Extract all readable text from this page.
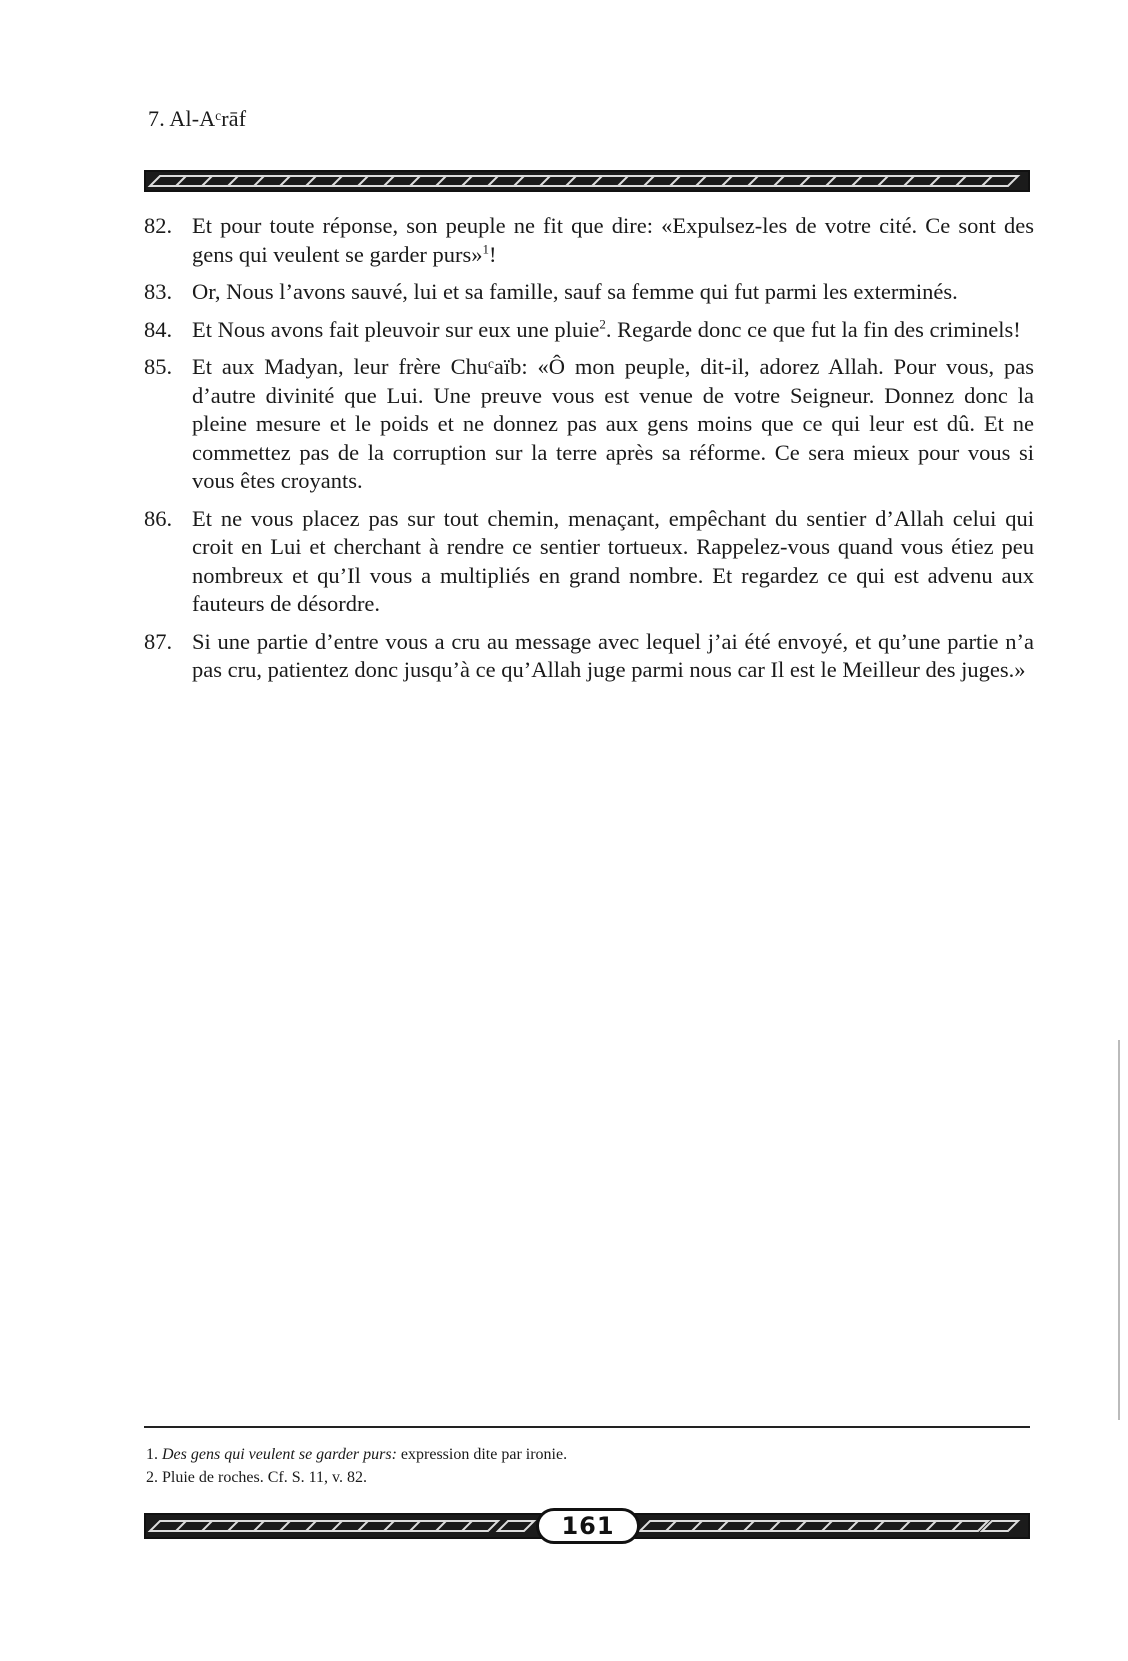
7. Al-Aᶜrāf
82. Et pour toute réponse, son peuple ne fit que dire: «Expulsez-les de votre cité. Ce sont des gens qui veulent se garder purs»$^1$!
83. Or, Nous l’avons sauvé, lui et sa famille, sauf sa femme qui fut parmi les exterminés.
84. Et Nous avons fait pleuvoir sur eux une pluie$^2$. Regarde donc ce que fut la fin des criminels!
85. Et aux Madyan, leur frère Chuᶜaïb: «Ô mon peuple, dit-il, adorez Allah. Pour vous, pas d’autre divinité que Lui. Une preuve vous est venue de votre Seigneur. Donnez donc la pleine mesure et le poids et ne donnez pas aux gens moins que ce qui leur est dû. Et ne commettez pas de la corruption sur la terre après sa réforme. Ce sera mieux pour vous si vous êtes croyants.
86. Et ne vous placez pas sur tout chemin, menaçant, empêchant du sentier d’Allah celui qui croit en Lui et cherchant à rendre ce sentier tortueux. Rappelez-vous quand vous étiez peu nombreux et qu’Il vous a multipliés en grand nombre. Et regardez ce qui est advenu aux fauteurs de désordre.
87. Si une partie d’entre vous a cru au message avec lequel j’ai été envoyé, et qu’une partie n’a pas cru, patientez donc jusqu’à ce qu’Allah juge parmi nous car Il est le Meilleur des juges.»

1. Des gens qui veulent se garder purs: expression dite par ironie.

2. Pluie de roches. Cf. S. 11, v. 82.

161
